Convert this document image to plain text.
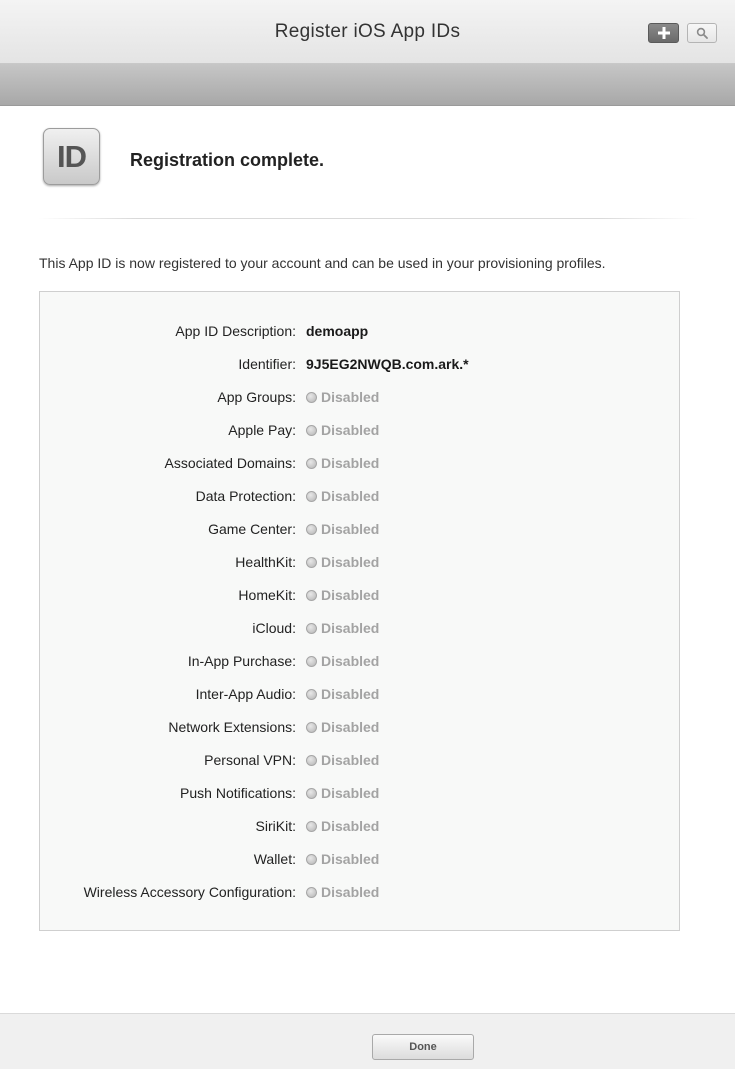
Register iOS App IDs
ID Registration complete.
This App ID is now registered to your account and can be used in your provisioning profiles.
App ID Description: demoapp
Identifier: 9J5EG2NWQB.com.ark.*
App Groups: Disabled
Apple Pay: Disabled
Associated Domains: Disabled
Data Protection: Disabled
Game Center: Disabled
HealthKit: Disabled
HomeKit: Disabled
iCloud: Disabled
In-App Purchase: Disabled
Inter-App Audio: Disabled
Network Extensions: Disabled
Personal VPN: Disabled
Push Notifications: Disabled
SiriKit: Disabled
Wallet: Disabled
Wireless Accessory Configuration: Disabled
Done
